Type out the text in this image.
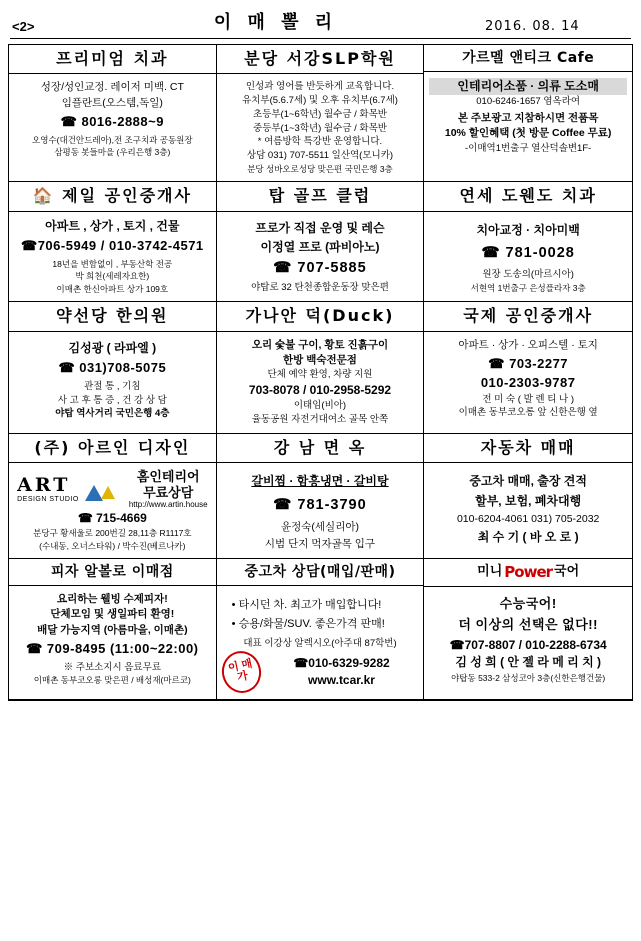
<2>	이 매 뽈 리	2016. 08. 14
프리미엄 치과
성장/성인교정. 레이저 미백. CT
임플란트(오스템,독일)
☎ 8016-2888~9
오영수(대건안드레아),전 조구치과 공동원장
삼평동 봇들마을 (우리은행 3층)
분당 서강SLP학원
인성과 영어를 반듯하게 교육합니다.
유치부(5.6.7세) 및 오후 유치부(6.7세)
초등부(1~6학년) 월수금 / 화목반
중등부(1~3학년) 월수금 / 화목반
* 여름방학 특강반 운영합니다.
상담 031) 707-5511 일산역(모니카)
분당 성바오로성당 맞은편 국민은행 3층
가르멜 앤티크 Cafe
인테리어소품 · 의류 도소매
010-6246-1657 염옥라여
본 주보광고 지참하시면 전품목
10% 할인혜택 (첫 방문 Coffee 무료)
-이매역1번출구 열산덕솔변1F-
🏠 제일 공인중개사
아파트 , 상가 , 토지 , 건물
☎706-5949 / 010-3742-4571
18년을 변함없이 , 부동산학 전공
박 희천(세레자요한)
이매촌 한신아파트 상가 109호
탑 골프 클럽
프로가 직접 운영 및 레슨
이정열 프로 (파비아노)
☎ 707-5885
야탑로 32 탄천종합운동장 맞은편
연세 도웬도 치과
치아교정 · 치아미백
☎ 781-0028
원장 도송의(마르시아)
서현역 1번출구 은성플라자 3층
약선당 한의원
김성광 ( 라파엘 )
☎ 031)708-5075
관절 통 , 기침
사 고 후 통 증 , 건 강 상 담
야탑 역사거리 국민은행 4층
가나안 덕(Duck)
오리 숯불 구이, 황토 진흙구이
한방 백숙전문점
단체 예약 환영, 차량 지원
703-8078 / 010-2958-5292
이태임(비아)
율동공원 자전거대여소 골목 안쪽
국제 공인중개사
아파트 · 상가 · 오피스텔 · 토지
☎ 703-2277
010-2303-9787
전 미 숙 ( 발 렌 티 나 )
이매촌 동부코오롱 앞 신한은행 옆
(주) 아르인 디자인
ART
DESIGN STUDIO
홈인테리어
무료상담
http://www.artin.house
☎ 715-4669
분당구 황새울로 200번길 28,11층 R1117호
(수내동, 오너스타워) / 박수진(베르나카)
강 남 면 옥
갈비찜 · 함흥냉면 · 갈비탕
☎ 781-3790
윤정숙(세실리아)
시범 단지 먹자골목 입구
자동차 매매
중고차 매매, 출장 견적
할부, 보험, 폐차대행
010-6204-4061 031) 705-2032
최 수 기 ( 바 오 로 )
피자 알볼로 이매점
요리하는 웰빙 수제피자!
단체모임 및 생일파티 환영!
배달 가능지역 (아름마을, 이매촌)
☎ 709-8495 (11:00~22:00)
※ 주보소지시 음료무료
이매촌 동부코오롱 맞은편 / 배성재(마르코)
중고차 상담(매입/판매)
• 타시던 차. 최고가 매입합니다!
• 승용/화물/SUV. 좋은가격 판매!
대표 이강상 알렉시오(아주대 87학번)
이 매 가
☎010-6329-9282 www.tcar.kr
미니 Power 국어
수능국어!
더 이상의 선택은 없다!!
☎707-8807 / 010-2288-6734
김 성 희 ( 안 젤 라 메 리 치 )
야탑동 533-2 삼성코아 3층(신한은행건물)
